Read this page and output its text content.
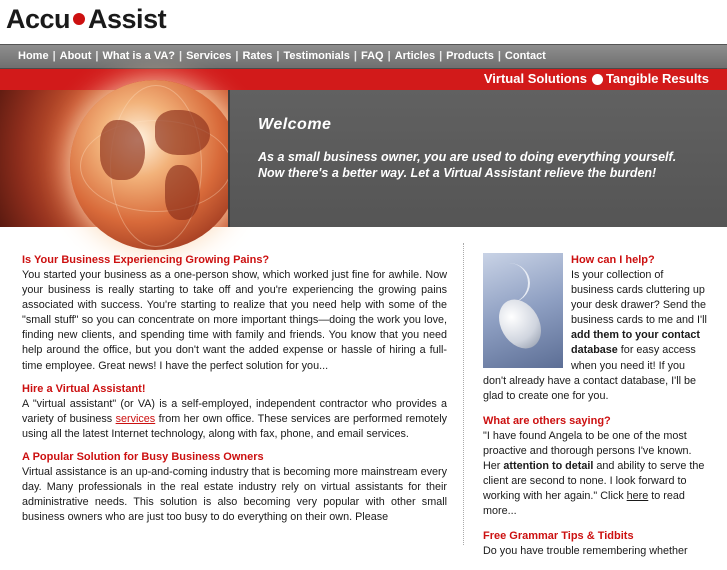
Accu Assist
Home | About | What is a VA? | Services | Rates | Testimonials | FAQ | Articles | Products | Contact
Virtual Solutions Tangible Results
Welcome
As a small business owner, you are used to doing everything yourself.
Now there's a better way. Let a Virtual Assistant relieve the burden!
Is Your Business Experiencing Growing Pains?

You started your business as a one-person show, which worked just fine for awhile. Now your business is really starting to take off and you're experiencing the growing pains associated with success. You're starting to realize that you need help with some of the "small stuff" so you can concentrate on more important things—doing the work you love, finding new clients, and spending time with family and friends. You know that you need help around the office, but you don't want the added expense or hassle of hiring a full-time employee. Great news! I have the perfect solution for you...

Hire a Virtual Assistant!

A "virtual assistant" (or VA) is a self-employed, independent contractor who provides a variety of business services from her own office. These services are performed remotely using all the latest Internet technology, along with fax, phone, and email services.

A Popular Solution for Busy Business Owners

Virtual assistance is an up-and-coming industry that is becoming more mainstream every day. Many professionals in the real estate industry rely on virtual assistants for their administrative needs. This solution is also becoming very popular with other small business owners who are just too busy to do everything on their own. Please

How can I help?
Is your collection of business cards cluttering up your desk drawer? Send the business cards to me and I'll add them to your contact database for easy access when you need it! If you don't already have a contact database, I'll be glad to create one for you.
What are others saying?
"I have found Angela to be one of the most proactive and thorough persons I've known. Her attention to detail and ability to serve the client are second to none. I look forward to working with her again." Click here to read more...
Free Grammar Tips & Tidbits
Do you have trouble remembering whether
